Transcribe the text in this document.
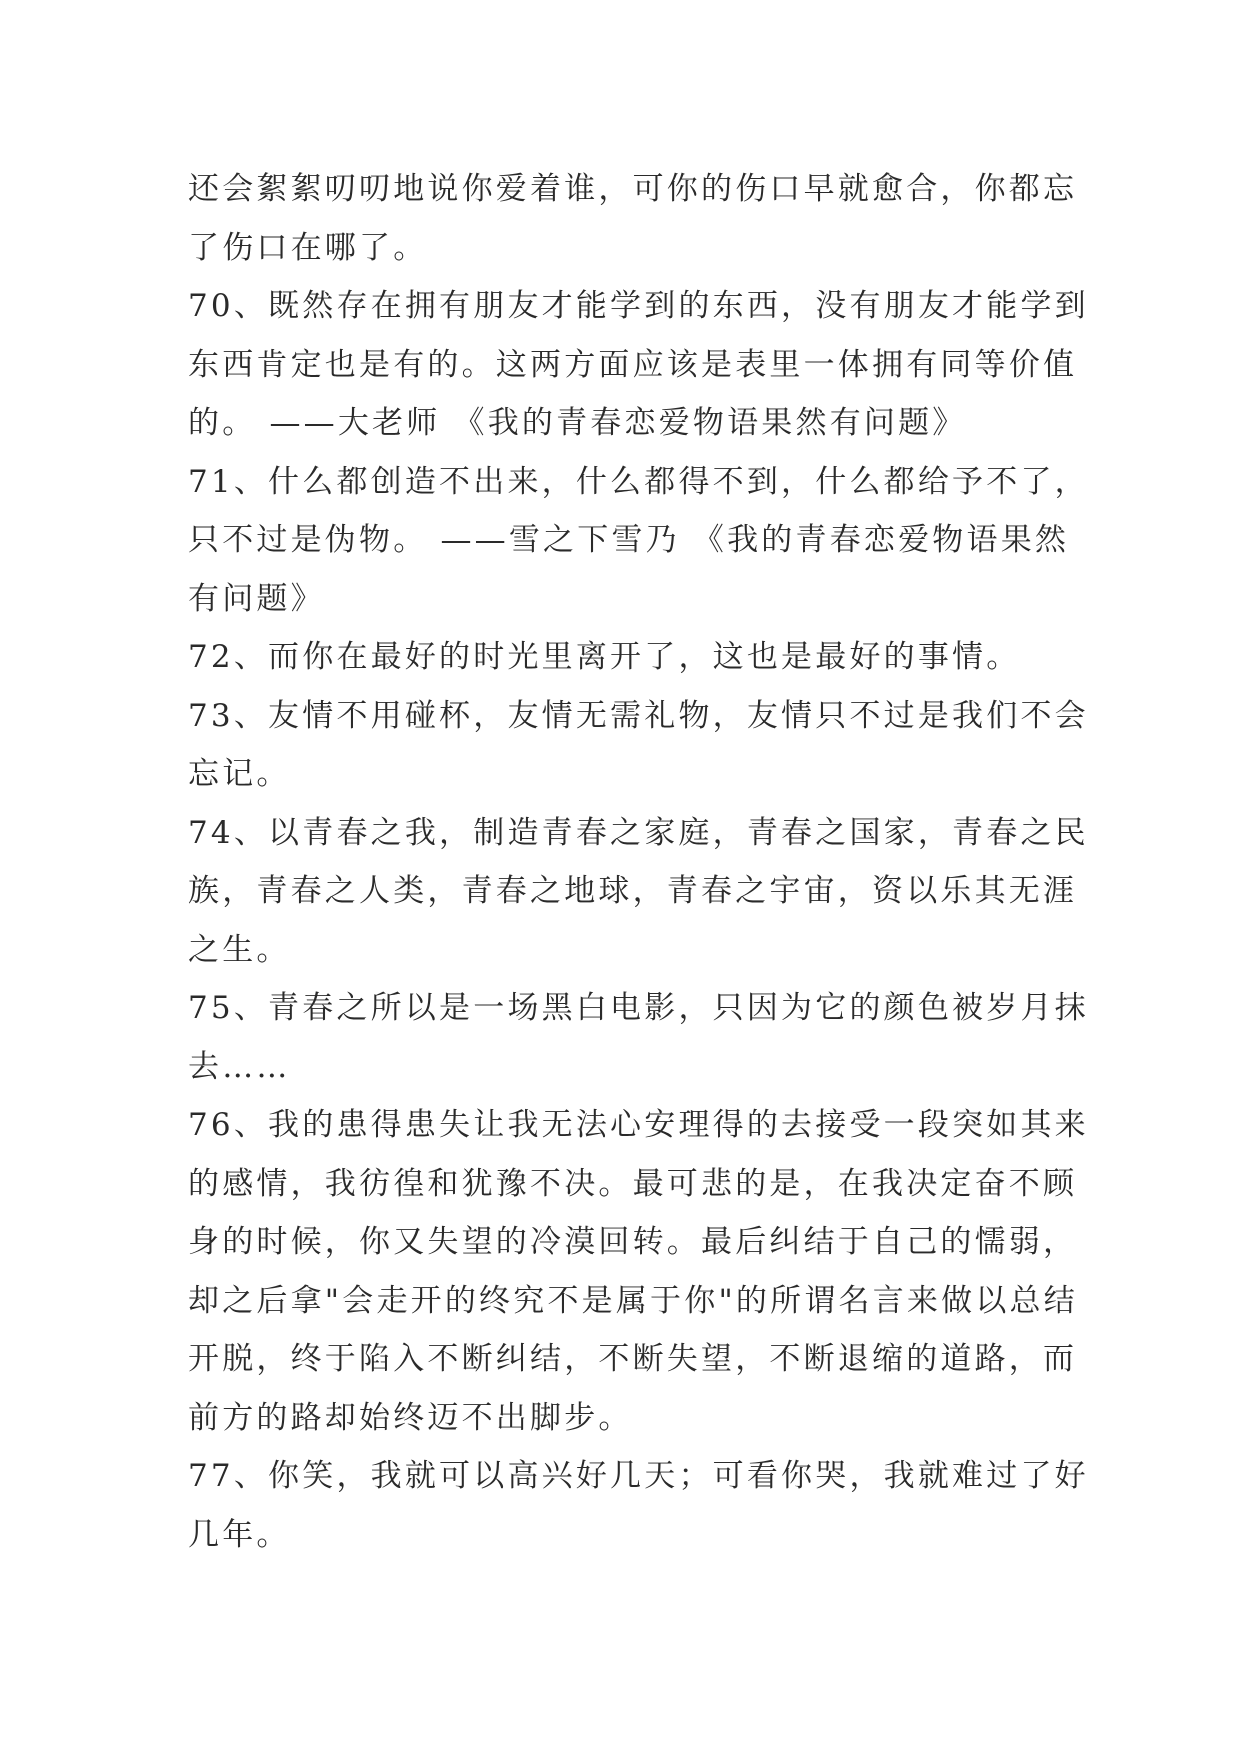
还会絮絮叨叨地说你爱着谁，可你的伤口早就愈合，你都忘
了伤口在哪了。
70、既然存在拥有朋友才能学到的东西，没有朋友才能学到
东西肯定也是有的。这两方面应该是表里一体拥有同等价值
的。 ——大老师 《我的青春恋爱物语果然有问题》
71、什么都创造不出来，什么都得不到，什么都给予不了，
只不过是伪物。 ——雪之下雪乃 《我的青春恋爱物语果然
有问题》
72、而你在最好的时光里离开了，这也是最好的事情。
73、友情不用碰杯，友情无需礼物，友情只不过是我们不会
忘记。
74、以青春之我，制造青春之家庭，青春之国家，青春之民
族，青春之人类，青春之地球，青春之宇宙，资以乐其无涯
之生。
75、青春之所以是一场黑白电影，只因为它的颜色被岁月抹
去……
76、我的患得患失让我无法心安理得的去接受一段突如其来
的感情，我彷徨和犹豫不决。最可悲的是，在我决定奋不顾
身的时候，你又失望的冷漠回转。最后纠结于自己的懦弱，
却之后拿"会走开的终究不是属于你"的所谓名言来做以总结
开脱，终于陷入不断纠结，不断失望，不断退缩的道路，而
前方的路却始终迈不出脚步。
77、你笑，我就可以高兴好几天；可看你哭，我就难过了好
几年。
